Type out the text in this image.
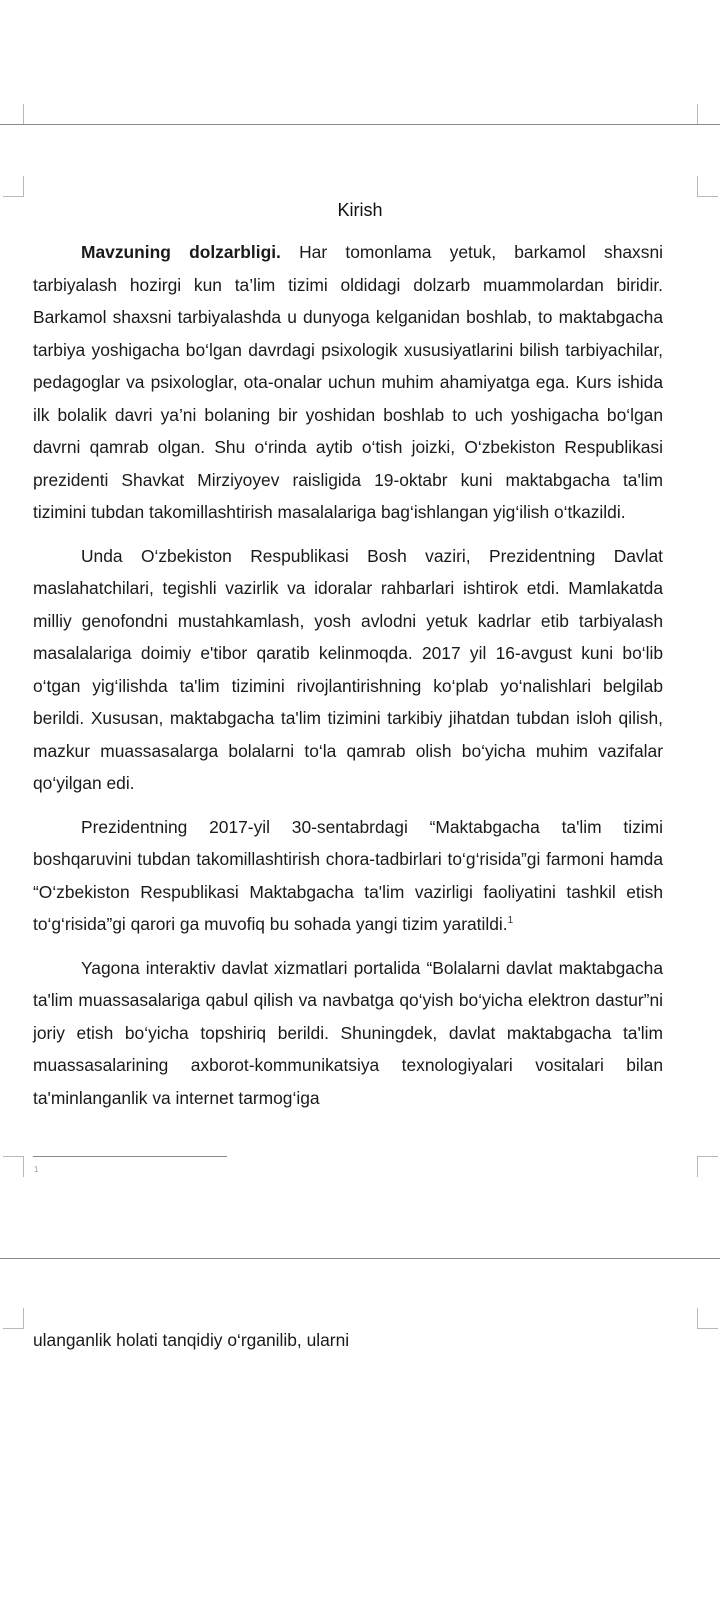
Kirish

Mavzuning dolzarbligi. Har tomonlama yetuk, barkamol shaxsni tarbiyalash hozirgi kun ta’lim tizimi oldidagi dolzarb muammolardan biridir. Barkamol shaxsni tarbiyalashda u dunyoga kelganidan boshlab, to maktabgacha tarbiya yoshigacha bo‘lgan davrdagi psixologik xususiyatlarini bilish tarbiyachilar, pedagoglar va psixologlar, ota-onalar uchun muhim ahamiyatga ega. Kurs ishida ilk bolalik davri ya’ni bolaning bir yoshidan boshlab to uch yoshigacha bo‘lgan davrni qamrab olgan. Shu o‘rinda aytib o‘tish joizki, O‘zbekiston Respublikasi prezidenti Shavkat Mirziyoyev raisligida 19-oktabr kuni maktabgacha ta'lim tizimini tubdan takomillashtirish masalalariga bag‘ishlangan yig‘ilish o‘tkazildi.

Unda O‘zbekiston Respublikasi Bosh vaziri, Prezidentning Davlat maslahatchilari, tegishli vazirlik va idoralar rahbarlari ishtirok etdi. Mamlakatda milliy genofondni mustahkamlash, yosh avlodni yetuk kadrlar etib tarbiyalash masalalariga doimiy e'tibor qaratib kelinmoqda. 2017 yil 16-avgust kuni bo‘lib o‘tgan yig‘ilishda ta'lim tizimini rivojlantirishning ko‘plab yo‘nalishlari belgilab berildi. Xususan, maktabgacha ta'lim tizimini tarkibiy jihatdan tubdan isloh qilish, mazkur muassasalarga bolalarni to‘la qamrab olish bo‘yicha muhim vazifalar qo‘yilgan edi.

Prezidentning 2017-yil 30-sentabrdagi “Maktabgacha ta'lim tizimi boshqaruvini tubdan takomillashtirish chora-tadbirlari to‘g‘risida”gi farmoni hamda “O‘zbekiston Respublikasi Maktabgacha ta'lim vazirligi faoliyatini tashkil etish to‘g‘risida”gi qarori ga muvofiq bu sohada yangi tizim yaratildi.$^1$

Yagona interaktiv davlat xizmatlari portalida “Bolalarni davlat maktabgacha ta'lim muassasalariga qabul qilish va navbatga qo‘yish bo‘yicha elektron dastur”ni joriy etish bo‘yicha topshiriq berildi. Shuningdek, davlat maktabgacha ta'lim muassasalarining axborot-kommunikatsiya texnologiyalari vositalari bilan ta'minlanganlik va internet tarmog‘iga

1
ulanganlik holati tanqidiy o‘rganilib, ularni
